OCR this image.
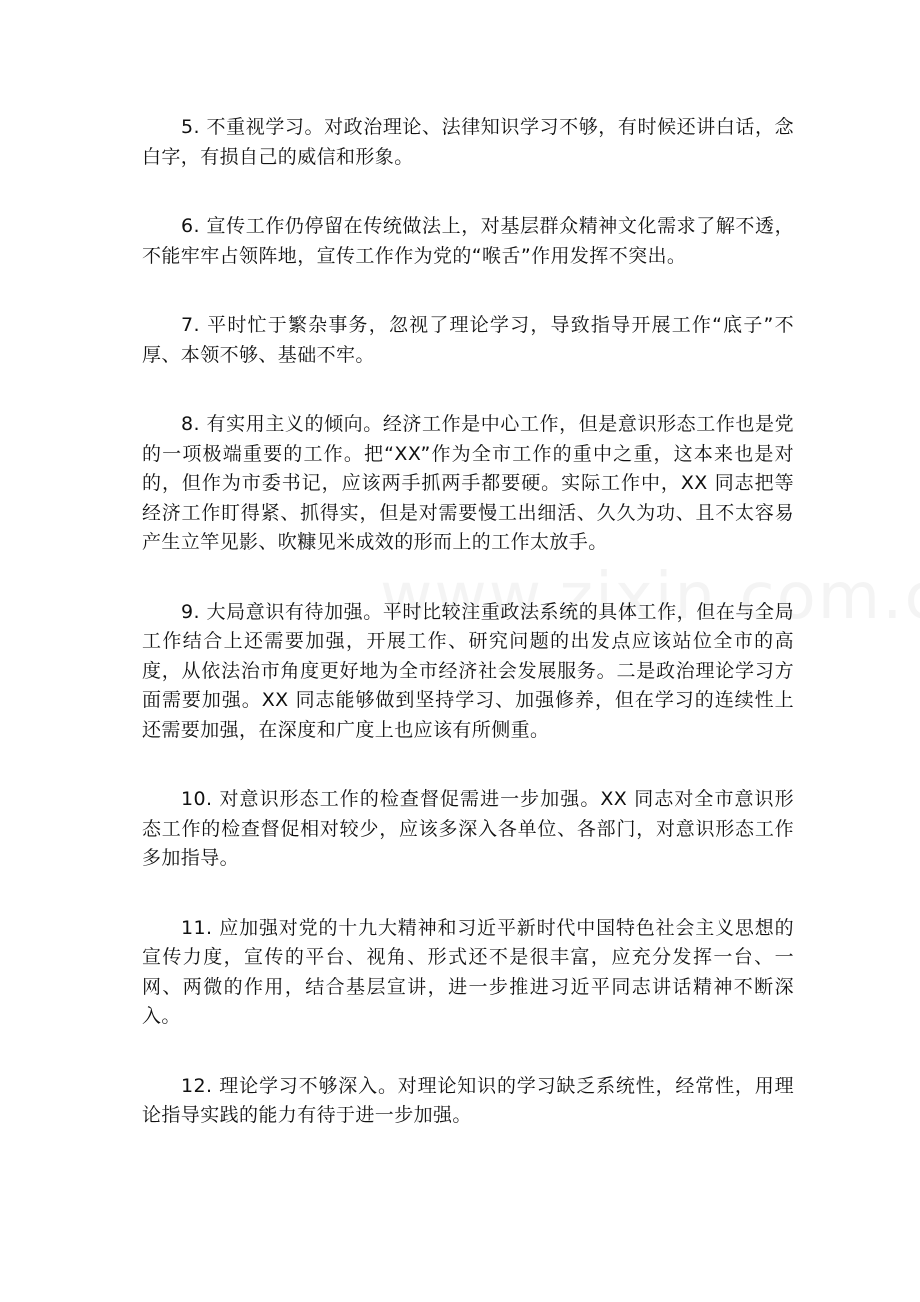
5. 不重视学习。对政治理论、法律知识学习不够，有时候还讲白话，念白字，有损自己的威信和形象。

6. 宣传工作仍停留在传统做法上，对基层群众精神文化需求了解不透，不能牢牢占领阵地，宣传工作作为党的“喉舌”作用发挥不突出。

7. 平时忙于繁杂事务，忽视了理论学习，导致指导开展工作“底子”不厚、本领不够、基础不牢。

8. 有实用主义的倾向。经济工作是中心工作，但是意识形态工作也是党的一项极端重要的工作。把“XX”作为全市工作的重中之重，这本来也是对的，但作为市委书记，应该两手抓两手都要硬。实际工作中，XX 同志把等经济工作盯得紧、抓得实，但是对需要慢工出细活、久久为功、且不太容易产生立竿见影、吹糠见米成效的形而上的工作太放手。

9. 大局意识有待加强。平时比较注重政法系统的具体工作，但在与全局工作结合上还需要加强，开展工作、研究问题的出发点应该站位全市的高度，从依法治市角度更好地为全市经济社会发展服务。二是政治理论学习方面需要加强。XX 同志能够做到坚持学习、加强修养，但在学习的连续性上还需要加强，在深度和广度上也应该有所侧重。

10. 对意识形态工作的检查督促需进一步加强。XX 同志对全市意识形态工作的检查督促相对较少，应该多深入各单位、各部门，对意识形态工作多加指导。

11. 应加强对党的十九大精神和习近平新时代中国特色社会主义思想的宣传力度，宣传的平台、视角、形式还不是很丰富，应充分发挥一台、一网、两微的作用，结合基层宣讲，进一步推进习近平同志讲话精神不断深入。

12. 理论学习不够深入。对理论知识的学习缺乏系统性，经常性，用理论指导实践的能力有待于进一步加强。
